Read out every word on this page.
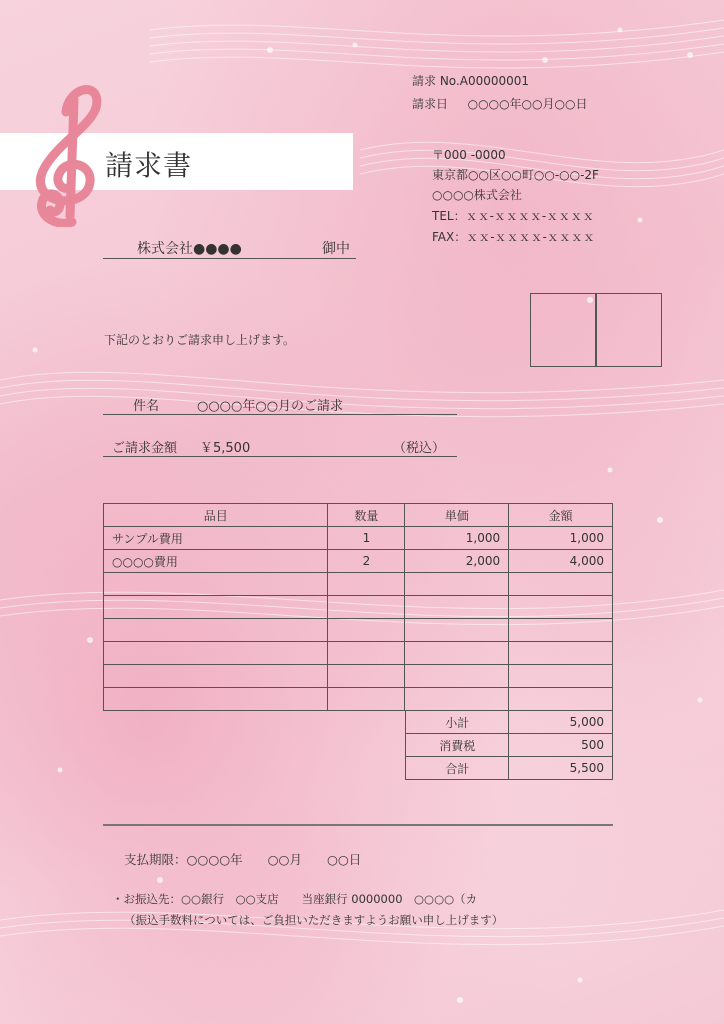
請求 No.A00000001
請求日 ○○○○年○○月○○日
請求書	〒000 -0000
東京都○○区○○町○○-○○-2F
○○○○株式会社
TEL：ｘｘ-ｘｘｘｘ-ｘｘｘｘ
FAX：ｘｘ-ｘｘｘｘ-ｘｘｘｘ
株式会社●●●●	御中
下記のとおりご請求申し上げます。
件名	○○○○年○○月のご請求
ご請求金額 ￥5,500	（税込）
品目	数量	単価	金額
サンプル費用	1	1,000	1,000
○○○○費用	2	2,000	4,000

小計	5,000
消費税	500
合計	5,500
支払期限：○○○○年　　○○月　　○○日
・お振込先：○○銀行　○○支店　　当座銀行 0000000　○○○○（カ
（振込手数料については、ご負担いただきますようお願い申し上げます）
